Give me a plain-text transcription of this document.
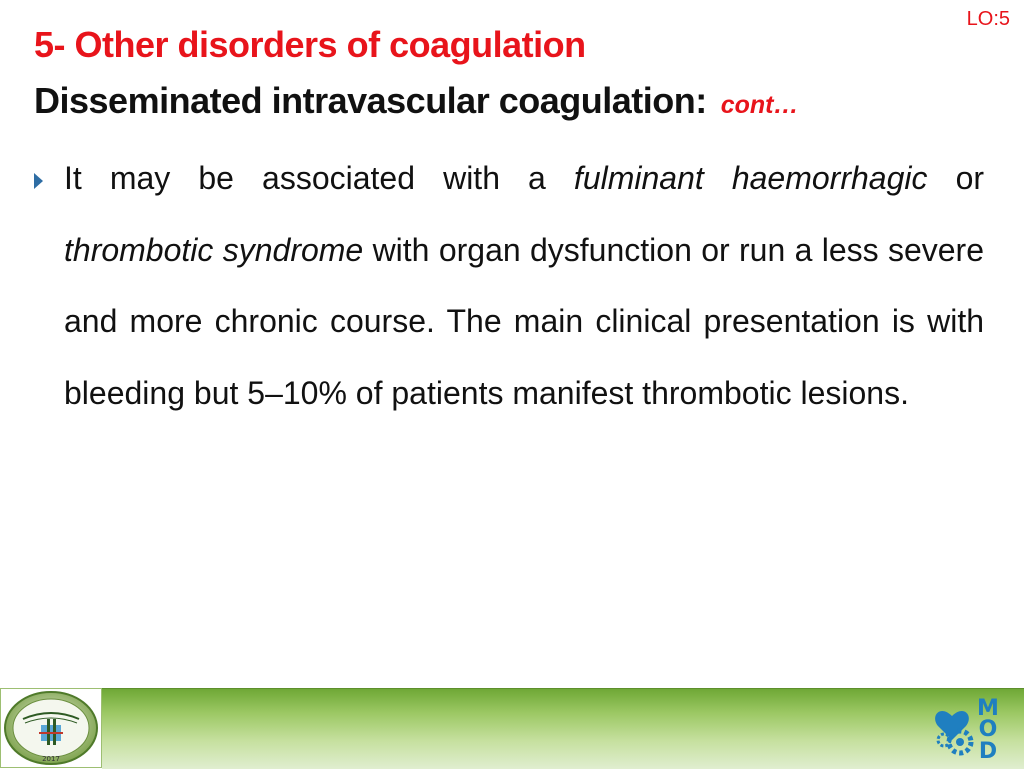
LO:5
5- Other disorders of coagulation
Disseminated intravascular coagulation: cont…
It may be associated with a fulminant haemorrhagic or thrombotic syndrome with organ dysfunction or run a less severe and more chronic course. The main clinical presentation is with bleeding but 5–10% of patients manifest thrombotic lesions.
2017
M
O
D
